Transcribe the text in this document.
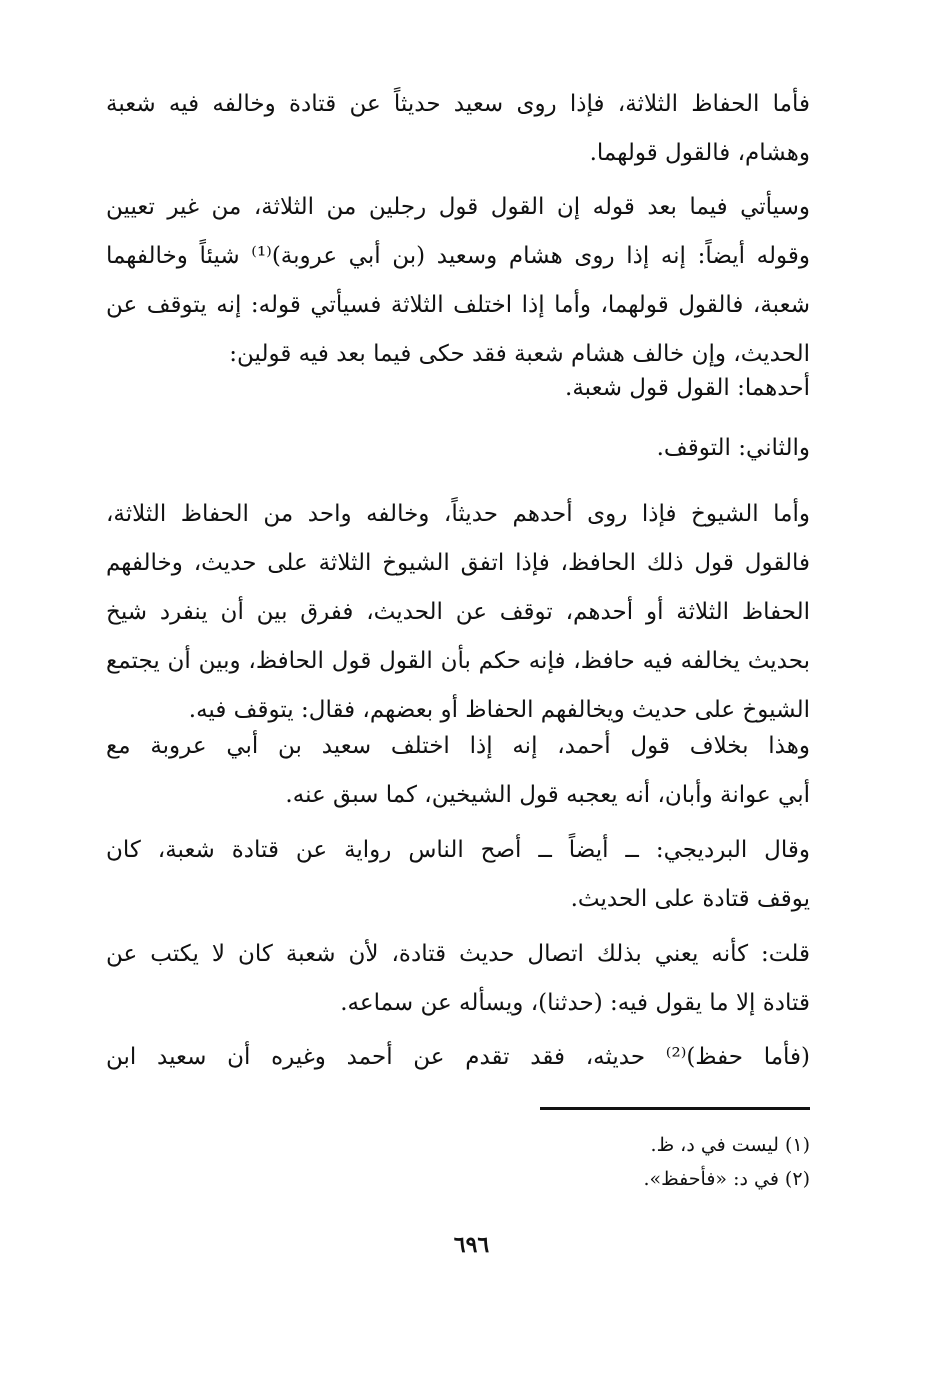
فأما الحفاظ الثلاثة، فإذا روى سعيد حديثاً عن قتادة وخالفه فيه شعبة
وهشام، فالقول قولهما.
وسيأتي فيما بعد قوله إن القول قول رجلين من الثلاثة، من غير تعيين
وقوله أيضاً: إنه إذا روى هشام وسعيد (بن أبي عروبة)⁽¹⁾ شيئاً وخالفهما
شعبة، فالقول قولهما، وأما إذا اختلف الثلاثة فسيأتي قوله: إنه يتوقف عن
الحديث، وإن خالف هشام شعبة فقد حكى فيما بعد فيه قولين:
أحدهما: القول قول شعبة.
والثاني: التوقف.
وأما الشيوخ فإذا روى أحدهم حديثاً، وخالفه واحد من الحفاظ الثلاثة،
فالقول قول ذلك الحافظ، فإذا اتفق الشيوخ الثلاثة على حديث، وخالفهم
الحفاظ الثلاثة أو أحدهم، توقف عن الحديث، ففرق بين أن ينفرد شيخ
بحديث يخالفه فيه حافظ، فإنه حكم بأن القول قول الحافظ، وبين أن يجتمع
الشيوخ على حديث ويخالفهم الحفاظ أو بعضهم، فقال: يتوقف فيه.
وهذا بخلاف قول أحمد، إنه إذا اختلف سعيد بن أبي عروبة مع
أبي عوانة وأبان، أنه يعجبه قول الشيخين، كما سبق عنه.
وقال البرديجي: ــ أيضاً ــ أصح الناس رواية عن قتادة شعبة، كان
يوقف قتادة على الحديث.
قلت: كأنه يعني بذلك اتصال حديث قتادة، لأن شعبة كان لا يكتب عن
قتادة إلا ما يقول فيه: (حدثنا)، ويسأله عن سماعه.
(فأما حفظ)⁽²⁾ حديثه، فقد تقدم عن أحمد وغيره أن سعيد ابن
(١) ليست في د، ظ.
(٢) في د: «فأحفظ».
٦٩٦
